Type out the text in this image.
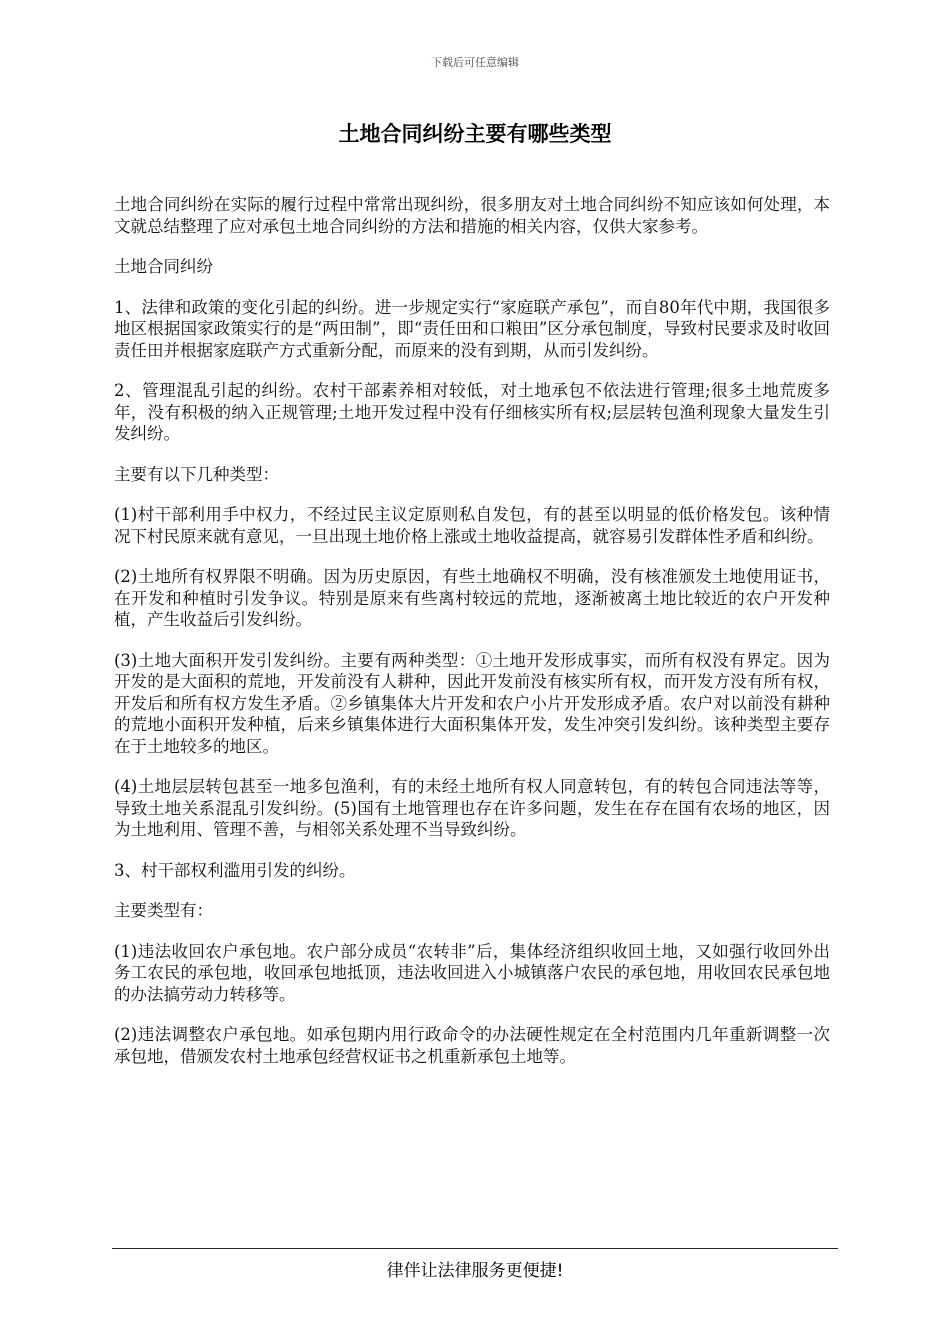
下载后可任意编辑
土地合同纠纷主要有哪些类型

土地合同纠纷在实际的履行过程中常常出现纠纷，很多朋友对土地合同纠纷不知应该如何处理，本文就总结整理了应对承包土地合同纠纷的方法和措施的相关内容，仅供大家参考。

土地合同纠纷

1、法律和政策的变化引起的纠纷。进一步规定实行“家庭联产承包”，而自80年代中期，我国很多地区根据国家政策实行的是“两田制”，即“责任田和口粮田”区分承包制度，导致村民要求及时收回责任田并根据家庭联产方式重新分配，而原来的没有到期，从而引发纠纷。

2、管理混乱引起的纠纷。农村干部素养相对较低，对土地承包不依法进行管理;很多土地荒废多年，没有积极的纳入正规管理;土地开发过程中没有仔细核实所有权;层层转包渔利现象大量发生引发纠纷。

主要有以下几种类型：

(1)村干部利用手中权力，不经过民主议定原则私自发包，有的甚至以明显的低价格发包。该种情况下村民原来就有意见，一旦出现土地价格上涨或土地收益提高，就容易引发群体性矛盾和纠纷。

(2)土地所有权界限不明确。因为历史原因，有些土地确权不明确，没有核准颁发土地使用证书，在开发和种植时引发争议。特别是原来有些离村较远的荒地，逐渐被离土地比较近的农户开发种植，产生收益后引发纠纷。

(3)土地大面积开发引发纠纷。主要有两种类型：①土地开发形成事实，而所有权没有界定。因为开发的是大面积的荒地，开发前没有人耕种，因此开发前没有核实所有权，而开发方没有所有权，开发后和所有权方发生矛盾。②乡镇集体大片开发和农户小片开发形成矛盾。农户对以前没有耕种的荒地小面积开发种植，后来乡镇集体进行大面积集体开发，发生冲突引发纠纷。该种类型主要存在于土地较多的地区。

(4)土地层层转包甚至一地多包渔利，有的未经土地所有权人同意转包，有的转包合同违法等等，导致土地关系混乱引发纠纷。(5)国有土地管理也存在许多问题，发生在存在国有农场的地区，因为土地利用、管理不善，与相邻关系处理不当导致纠纷。

3、村干部权利滥用引发的纠纷。

主要类型有：

(1)违法收回农户承包地。农户部分成员“农转非”后，集体经济组织收回土地，又如强行收回外出务工农民的承包地，收回承包地抵顶，违法收回进入小城镇落户农民的承包地，用收回农民承包地的办法搞劳动力转移等。

(2)违法调整农户承包地。如承包期内用行政命令的办法硬性规定在全村范围内几年重新调整一次承包地，借颁发农村土地承包经营权证书之机重新承包土地等。

律伴让法律服务更便捷!
